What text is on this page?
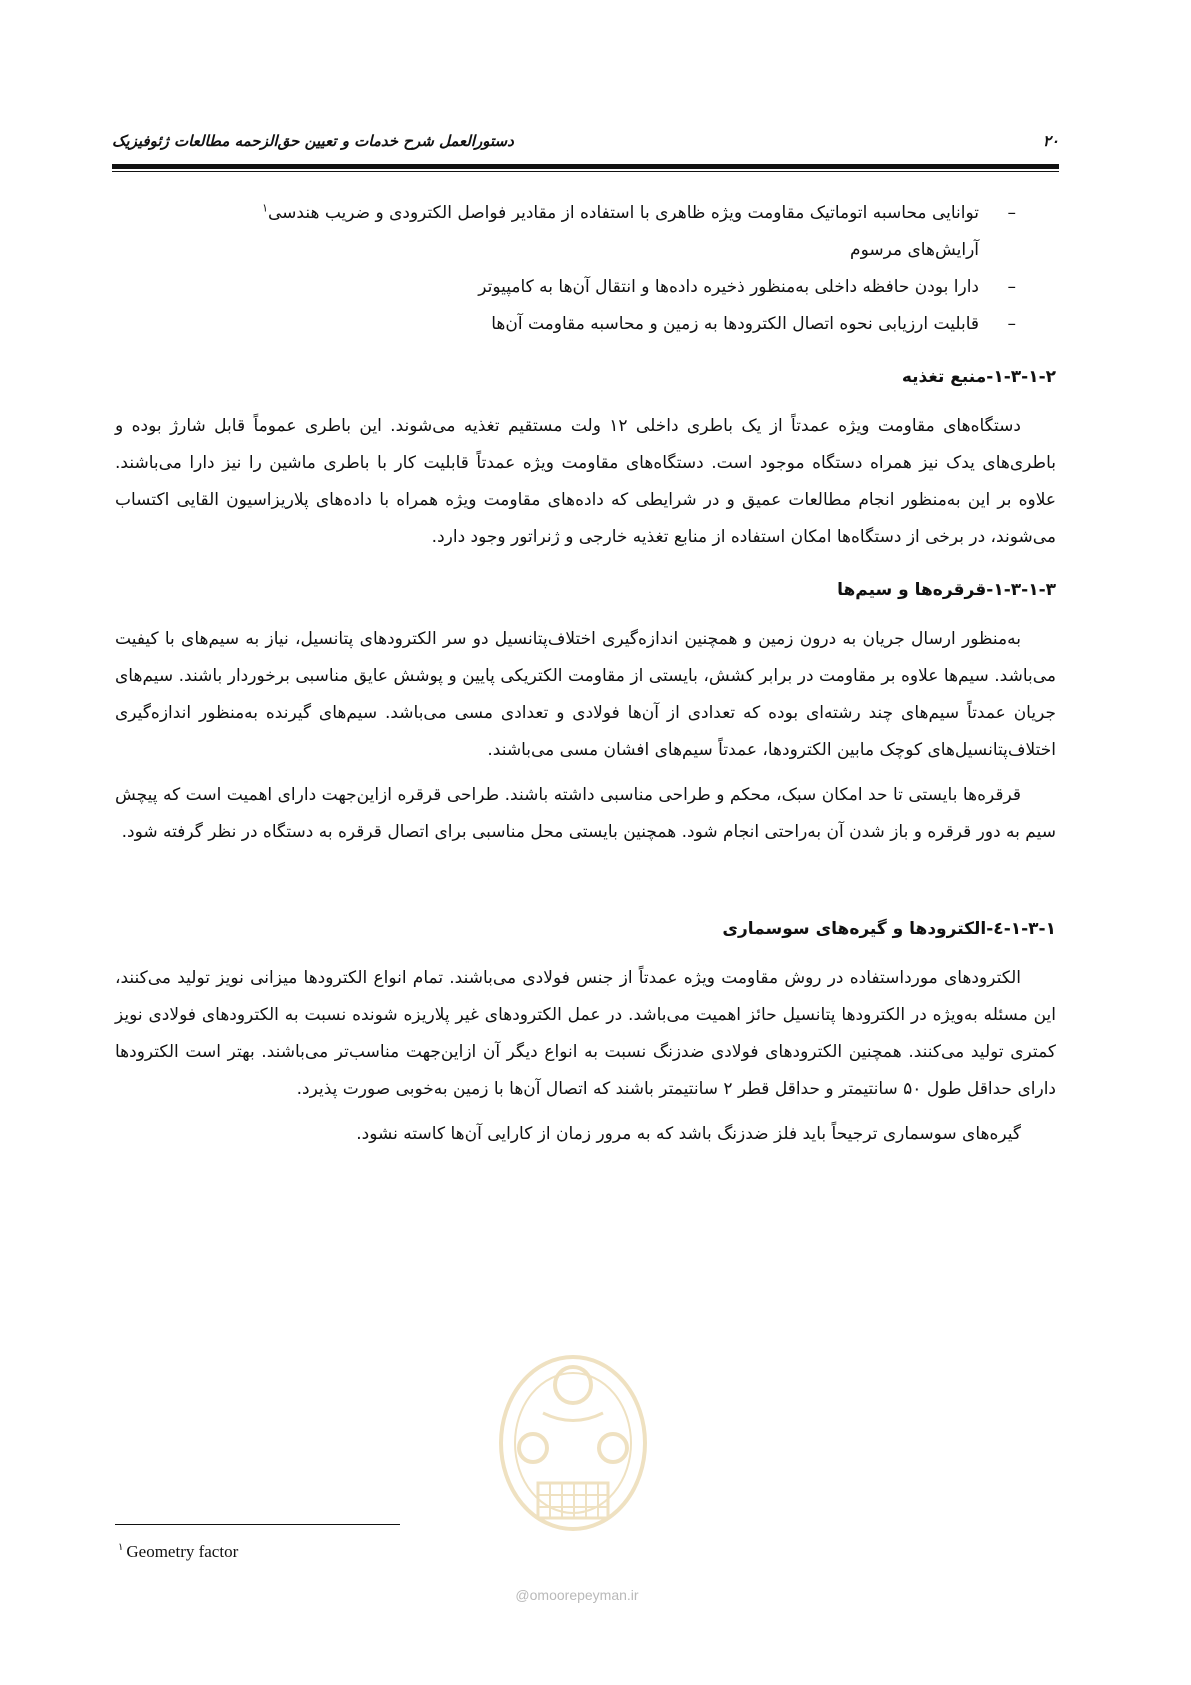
۲۰
دستورالعمل شرح خدمات و تعیین حق‌الزحمه مطالعات ژئوفیزیک
–
توانایی محاسبه اتوماتیک مقاومت ویژه ظاهری با استفاده از مقادیر فواصل الکترودی و ضریب هندسی$^۱$
آرایش‌های مرسوم
–
دارا بودن حافظه داخلی به‌منظور ذخیره داده‌ها و انتقال آن‌ها به کامپیوتر
–
قابلیت ارزیابی نحوه اتصال الکترودها به زمین و محاسبه مقاومت آن‌ها
۱-۳-۱-۲-منبع تغذیه

دستگاه‌های مقاومت ویژه عمدتاً از یک باطری داخلی ۱۲ ولت مستقیم تغذیه می‌شوند. این باطری عموماً قابل شارژ بوده و باطری‌های یدک نیز همراه دستگاه موجود است. دستگاه‌های مقاومت ویژه عمدتاً قابلیت کار با باطری ماشین را نیز دارا می‌باشند. علاوه بر این به‌منظور انجام مطالعات عمیق و در شرایطی که داده‌های مقاومت ویژه همراه با داده‌های پلاریزاسیون القایی اکتساب می‌شوند، در برخی از دستگاه‌ها امکان استفاده از منابع تغذیه خارجی و ژنراتور وجود دارد.

۱-۳-۱-۳-قرقره‌ها و سیم‌ها

به‌منظور ارسال جریان به درون زمین و همچنین اندازه‌گیری اختلاف‌پتانسیل دو سر الکترودهای پتانسیل، نیاز به سیم‌های با کیفیت می‌باشد. سیم‌ها علاوه بر مقاومت در برابر کشش، بایستی از مقاومت الکتریکی پایین و پوشش عایق مناسبی برخوردار باشند. سیم‌های جریان عمدتاً سیم‌های چند رشته‌ای بوده که تعدادی از آن‌ها فولادی و تعدادی مسی می‌باشد. سیم‌های گیرنده به‌منظور اندازه‌گیری اختلاف‌پتانسیل‌های کوچک مابین الکترودها، عمدتاً سیم‌های افشان مسی می‌باشند.

قرقره‌ها بایستی تا حد امکان سبک، محکم و طراحی مناسبی داشته باشند. طراحی قرقره ازاین‌جهت دارای اهمیت است که پیچش سیم به دور قرقره و باز شدن آن به‌راحتی انجام شود. همچنین بایستی محل مناسبی برای اتصال قرقره به دستگاه در نظر گرفته شود.

۱-۳-۱-٤-الکترودها و گیره‌های سوسماری

الکترودهای مورداستفاده در روش مقاومت ویژه عمدتاً از جنس فولادی می‌باشند. تمام انواع الکترودها میزانی نویز تولید می‌کنند، این مسئله به‌ویژه در الکترودها پتانسیل حائز اهمیت می‌باشد. در عمل الکترودهای غیر پلاریزه شونده نسبت به الکترودهای فولادی نویز کمتری تولید می‌کنند. همچنین الکترودهای فولادی ضدزنگ نسبت به انواع دیگر آن ازاین‌جهت مناسب‌تر می‌باشند. بهتر است الکترودها دارای حداقل طول ۵۰ سانتیمتر و حداقل قطر ۲ سانتیمتر باشند که اتصال آن‌ها با زمین به‌خوبی صورت پذیرد.

گیره‌های سوسماری ترجیحاً باید فلز ضدزنگ باشد که به مرور زمان از کارایی آن‌ها کاسته نشود.

@omoorepeyman.ir
$^۱$ Geometry factor
